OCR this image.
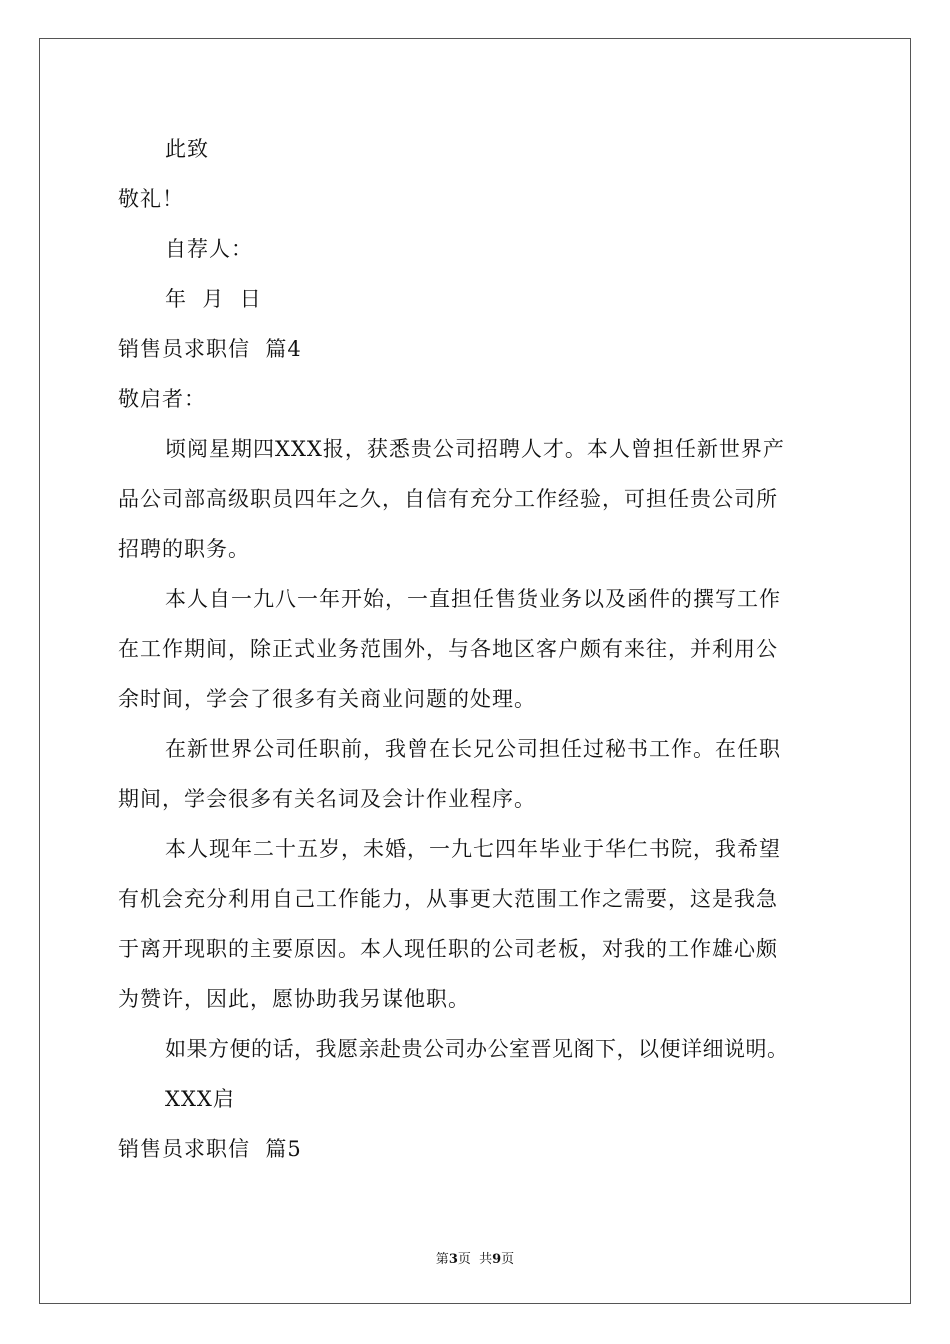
此致
敬礼！
自荐人：
年  月  日
销售员求职信  篇4
敬启者：
顷阅星期四XXX报，获悉贵公司招聘人才。本人曾担任新世界产
品公司部高级职员四年之久，自信有充分工作经验，可担任贵公司所
招聘的职务。
本人自一九八一年开始，一直担任售货业务以及函件的撰写工作
在工作期间，除正式业务范围外，与各地区客户颇有来往，并利用公
余时间，学会了很多有关商业问题的处理。
在新世界公司任职前，我曾在长兄公司担任过秘书工作。在任职
期间，学会很多有关名词及会计作业程序。
本人现年二十五岁，未婚，一九七四年毕业于华仁书院，我希望
有机会充分利用自己工作能力，从事更大范围工作之需要，这是我急
于离开现职的主要原因。本人现任职的公司老板，对我的工作雄心颇
为赞许，因此，愿协助我另谋他职。
如果方便的话，我愿亲赴贵公司办公室晋见阁下，以便详细说明。
XXX启
销售员求职信  篇5
第3页  共9页
